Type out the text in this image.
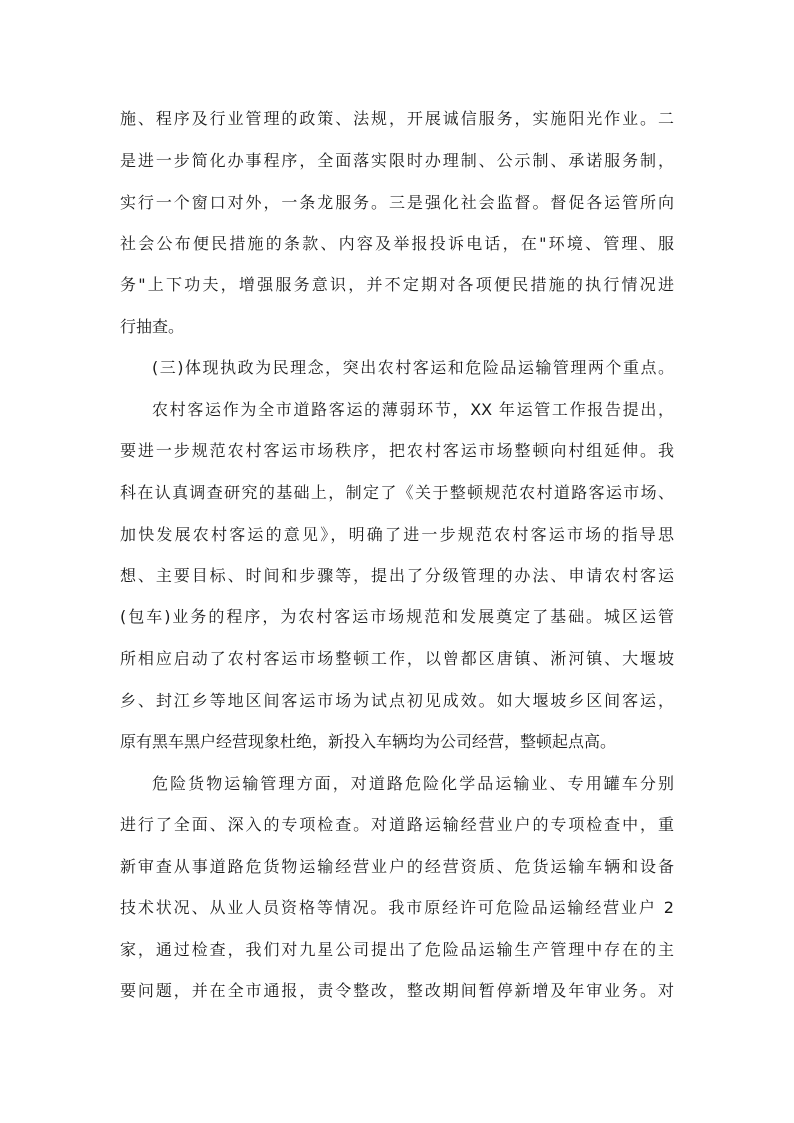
施、程序及行业管理的政策、法规，开展诚信服务，实施阳光作业。二
是进一步简化办事程序，全面落实限时办理制、公示制、承诺服务制，
实行一个窗口对外，一条龙服务。三是强化社会监督。督促各运管所向
社会公布便民措施的条款、内容及举报投诉电话，在"环境、管理、服
务"上下功夫，增强服务意识，并不定期对各项便民措施的执行情况进
行抽查。
(三)体现执政为民理念，突出农村客运和危险品运输管理两个重点。
农村客运作为全市道路客运的薄弱环节，XX 年运管工作报告提出，
要进一步规范农村客运市场秩序，把农村客运市场整顿向村组延伸。我
科在认真调查研究的基础上，制定了《关于整顿规范农村道路客运市场、
加快发展农村客运的意见》，明确了进一步规范农村客运市场的指导思
想、主要目标、时间和步骤等，提出了分级管理的办法、申请农村客运
(包车)业务的程序，为农村客运市场规范和发展奠定了基础。城区运管
所相应启动了农村客运市场整顿工作，以曾都区唐镇、淅河镇、大堰坡
乡、封江乡等地区间客运市场为试点初见成效。如大堰坡乡区间客运，
原有黑车黑户经营现象杜绝，新投入车辆均为公司经营，整顿起点高。
危险货物运输管理方面，对道路危险化学品运输业、专用罐车分别
进行了全面、深入的专项检查。对道路运输经营业户的专项检查中，重
新审查从事道路危货物运输经营业户的经营资质、危货运输车辆和设备
技术状况、从业人员资格等情况。我市原经许可危险品运输经营业户 2
家，通过检查，我们对九星公司提出了危险品运输生产管理中存在的主
要问题，并在全市通报，责令整改，整改期间暂停新增及年审业务。对
